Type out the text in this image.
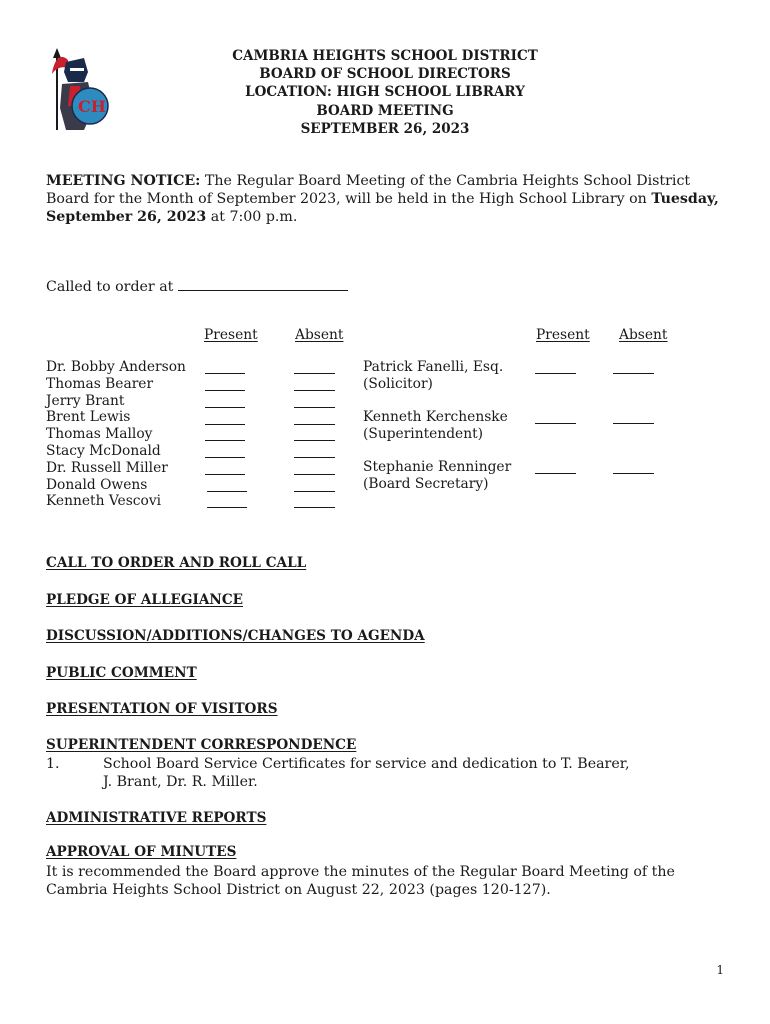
CH
CAMBRIA HEIGHTS SCHOOL DISTRICT
BOARD OF SCHOOL DIRECTORS
LOCATION: HIGH SCHOOL LIBRARY
BOARD MEETING
SEPTEMBER 26, 2023
MEETING NOTICE: The Regular Board Meeting of the Cambria Heights School District Board for the Month of September 2023, will be held in the High School Library on Tuesday, September 26, 2023 at 7:00 p.m.
Called to order at
Present	Absent	Present Absent
Dr. Bobby Anderson
Thomas Bearer
Jerry Brant
Brent Lewis
Thomas Malloy
Stacy McDonald
Dr. Russell Miller
Donald Owens
Kenneth Vescovi
Patrick Fanelli, Esq.
(Solicitor)
Kenneth Kerchenske
(Superintendent)
Stephanie Renninger
(Board Secretary)
CALL TO ORDER AND ROLL CALL
PLEDGE OF ALLEGIANCE
DISCUSSION/ADDITIONS/CHANGES TO AGENDA
PUBLIC COMMENT
PRESENTATION OF VISITORS
SUPERINTENDENT CORRESPONDENCE
1.	School Board Service Certificates for service and dedication to T. Bearer,
J. Brant, Dr. R. Miller.
ADMINISTRATIVE REPORTS
APPROVAL OF MINUTES
It is recommended the Board approve the minutes of the Regular Board Meeting of the Cambria Heights School District on August 22, 2023 (pages 120-127).
1
